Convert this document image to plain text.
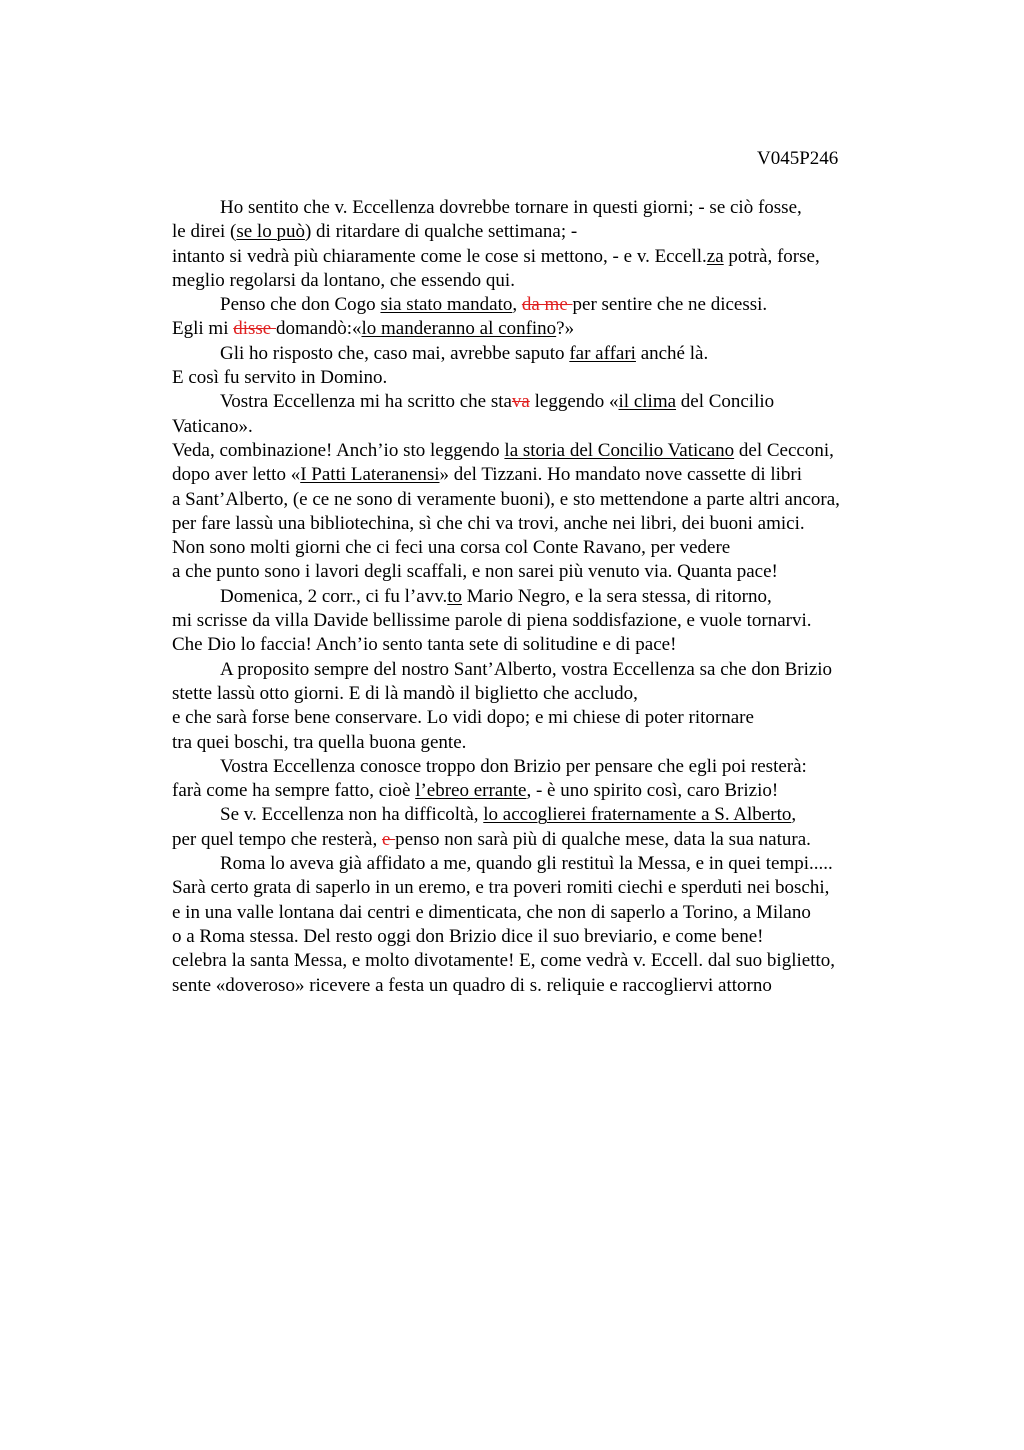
V045P246
Ho sentito che v. Eccellenza dovrebbe tornare in questi giorni; - se ciò fosse,
le direi (se lo può) di ritardare di qualche settimana; -
intanto si vedrà più chiaramente come le cose si mettono, - e v. Eccell.za potrà, forse,
meglio regolarsi da lontano, che essendo qui.
Penso che don Cogo sia stato mandato, da me per sentire che ne dicessi.
Egli mi disse domandò:«lo manderanno al confino?»
Gli ho risposto che, caso mai, avrebbe saputo far affari anché là.
E così fu servito in Domino.
Vostra Eccellenza mi ha scritto che stava leggendo «il clima del Concilio
Vaticano».
Veda, combinazione! Anch’io sto leggendo la storia del Concilio Vaticano del Cecconi,
dopo aver letto «I Patti Lateranensi» del Tizzani. Ho mandato nove cassette di libri
a Sant’Alberto, (e ce ne sono di veramente buoni), e sto mettendone a parte altri ancora,
per fare lassù una bibliotechina, sì che chi va trovi, anche nei libri, dei buoni amici.
Non sono molti giorni che ci feci una corsa col Conte Ravano, per vedere
a che punto sono i lavori degli scaffali, e non sarei più venuto via. Quanta pace!
Domenica, 2 corr., ci fu l’avv.to Mario Negro, e la sera stessa, di ritorno,
mi scrisse da villa Davide bellissime parole di piena soddisfazione, e vuole tornarvi.
Che Dio lo faccia! Anch’io sento tanta sete di solitudine e di pace!
A proposito sempre del nostro Sant’Alberto, vostra Eccellenza sa che don Brizio
stette lassù otto giorni. E di là mandò il biglietto che accludo,
e che sarà forse bene conservare. Lo vidi dopo; e mi chiese di poter ritornare
tra quei boschi, tra quella buona gente.
Vostra Eccellenza conosce troppo don Brizio per pensare che egli poi resterà:
farà come ha sempre fatto, cioè l’ebreo errante, - è uno spirito così, caro Brizio!
Se v. Eccellenza non ha difficoltà, lo accoglierei fraternamente a S. Alberto,
per quel tempo che resterà, e penso non sarà più di qualche mese, data la sua natura.
Roma lo aveva già affidato a me, quando gli restituì la Messa, e in quei tempi.....
Sarà certo grata di saperlo in un eremo, e tra poveri romiti ciechi e sperduti nei boschi,
e in una valle lontana dai centri e dimenticata, che non di saperlo a Torino, a Milano
o a Roma stessa. Del resto oggi don Brizio dice il suo breviario, e come bene!
celebra la santa Messa, e molto divotamente! E, come vedrà v. Eccell. dal suo biglietto,
sente «doveroso» ricevere a festa un quadro di s. reliquie e raccogliervi attorno
